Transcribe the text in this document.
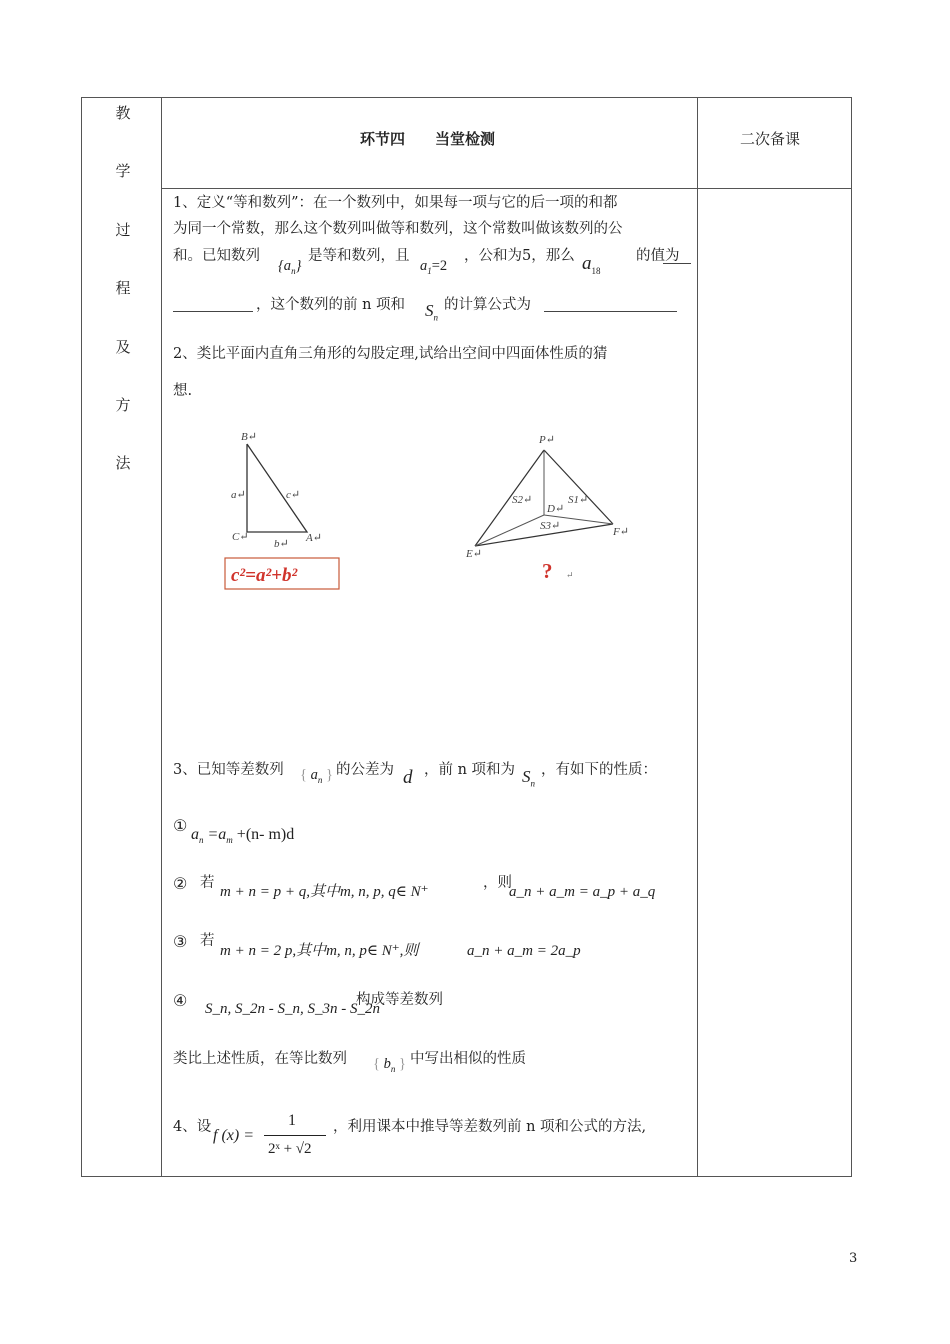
教
学
过
程
及
方
法
环节四　　当堂检测	二次备课
1、定义“等和数列”：在一个数列中，如果每一项与它的后一项的和都
为同一个常数，那么这个数列叫做等和数列，这个常数叫做该数列的公
和。已知数列
$\{a_n\}$
是等和数列，且
$a_1=2$
，公和为5，那么 $a_{18}$
的值为
，这个数列的前 n 项和 $S_n$
的计算公式为
2、类比平面内直角三角形的勾股定理,试给出空间中四面体性质的猜
想.
B↵
C↵	A↵
a↵
b↵
c↵
c²=a²+b²
P↵
E↵
F↵
D↵
S1↵
S2↵
S3↵
? ↵
3、已知等差数列 { $a_n$ } 的公差为 d ，前 n 项和为 $S_n$
，有如下的性质：
① $a_n =a_m +(n-$ m)d
② 若
m + n = p + q,其中m, n, p, q∈ N⁺
，则
a_n + a_m = a_p + a_q
③ 若
m + n = 2 p,其中m, n, p∈ N⁺,则	a_n + a_m = 2a_p
④ S_n, S_2n - S_n, S_3n - S_2n
构成等差数列
类比上述性质，在等比数列 { $b_n$ } 中写出相似的性质
4、设 f (x) =
1
2ˣ + √2
，利用课本中推导等差数列前 n 项和公式的方法,
3
